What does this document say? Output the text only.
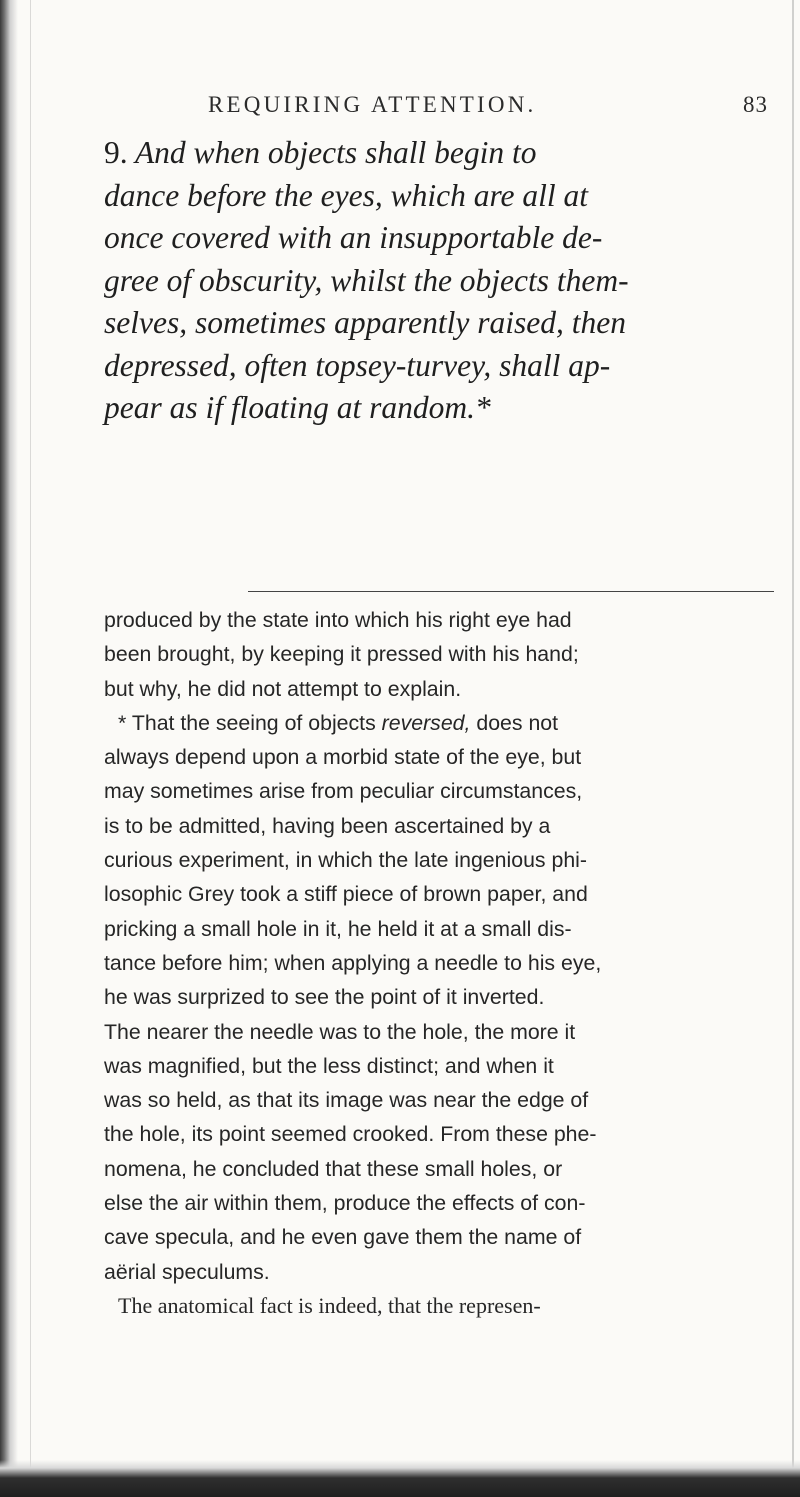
REQUIRING ATTENTION.	83
9. And when objects shall begin to
dance before the eyes, which are all at
once covered with an insupportable de-
gree of obscurity, whilst the objects them-
selves, sometimes apparently raised, then
depressed, often topsey-turvey, shall ap-
pear as if floating at random.*
produced by the state into which his right eye had
been brought, by keeping it pressed with his hand;
but why, he did not attempt to explain.
* That the seeing of objects reversed, does not
always depend upon a morbid state of the eye, but
may sometimes arise from peculiar circumstances,
is to be admitted, having been ascertained by a
curious experiment, in which the late ingenious phi-
losophic Grey took a stiff piece of brown paper, and
pricking a small hole in it, he held it at a small dis-
tance before him; when applying a needle to his eye,
he was surprized to see the point of it inverted.
The nearer the needle was to the hole, the more it
was magnified, but the less distinct; and when it
was so held, as that its image was near the edge of
the hole, its point seemed crooked. From these phe-
nomena, he concluded that these small holes, or
else the air within them, produce the effects of con-
cave specula, and he even gave them the name of
aërial speculums.
The anatomical fact is indeed, that the represen-
